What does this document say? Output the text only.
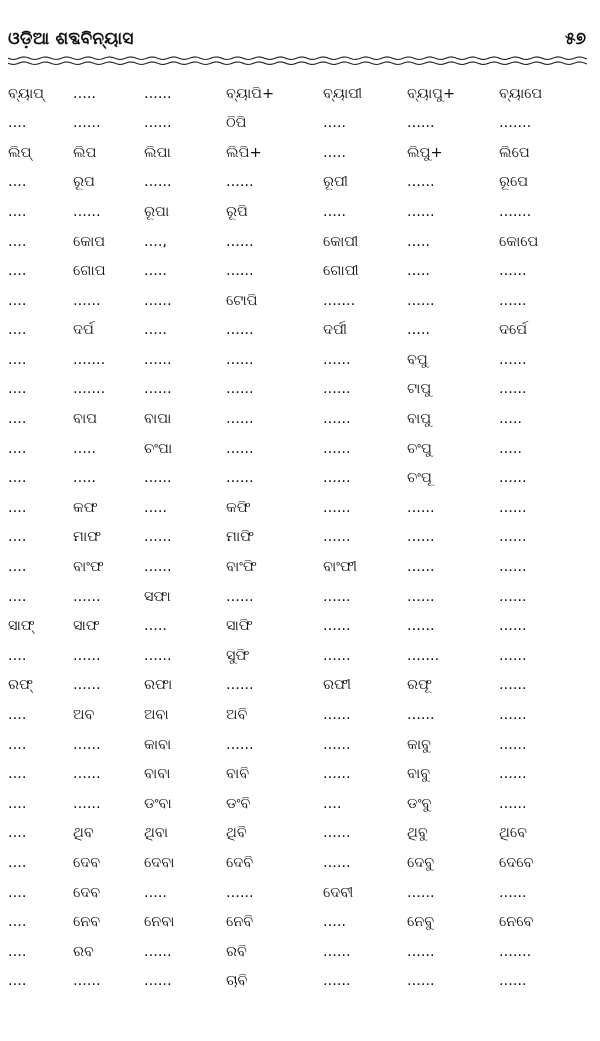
ଓଡ଼ିଆ ଶବ୍ଦବିନ୍ୟାସ	୫୭
ବ୍ୟାପ୍	.....	......	ବ୍ୟାପି+	ବ୍ୟାପୀ	ବ୍ୟାପୁ+	ବ୍ୟାପେ
....	......	......	ଠିପି	.....	......	.......
ଲିପ୍	ଲିପ	ଲିପା	ଲିପି+	.....	ଲିପୁ+	ଲିପେ
....	ରୂପ	......	......	ରୂପୀ	......	ରୂପେ
....	......	ରୂପା	ରୂପି	.....	......	.......
....	କୋପ	....,	......	କୋପୀ	.....	କୋପେ
....	ଗୋପ	.....	......	ଗୋପୀ	.....	......
....	......	......	ଟୋପି	.......	......	......
....	ଦର୍ପ	.....	......	ଦର୍ପୀ	.....	ଦର୍ପେ
....	.......	......	......	......	ବପୁ	......
....	.......	......	......	......	ଟାପୁ	......
....	ବାପ	ବାପା	......	......	ବାପୁ	.....
....	.....	ଚଂପା	......	......	ଚଂପୁ	.....
....	.....	......	......	......	ଚଂପୂ	......
....	କଫ	.....	କଫି	......	......	......
....	ମାଫ	......	ମାଫି	......	......	......
....	ବାଂଫ	......	ବାଂଫି	ବାଂଫୀ	......	......
....	......	ସଫା	......	......	......	......
ସାଫ୍	ସାଫ	.....	ସାଫି	......	......	......
....	......	......	ସୁଫି	......	.......	......
ରଫ୍	......	ରଫା	......	ରଫୀ	ରଫୂ	......
....	ଅବ	ଅବା	ଅବି	......	......	......
....	......	କାବା	......	......	କାବୁ	......
....	......	ବାବା	ବାବି	......	ବାବୁ	......
....	......	ଡଂବା	ଡଂବି	....	ଡଂବୁ	......
....	ଥିବ	ଥିବା	ଥିବି	......	ଥିବୁ	ଥିବେ
....	ଦେବ	ଦେବା	ଦେବି	......	ଦେବୁ	ଦେବେ
....	ଦେବ	.....	......	ଦେବୀ	......	......
....	ନେବ	ନେବା	ନେବି	.....	ନେବୁ	ନେବେ
....	ରବ	......	ରବି	......	......	.......
....	......	......	ଚାବି	......	......	......
